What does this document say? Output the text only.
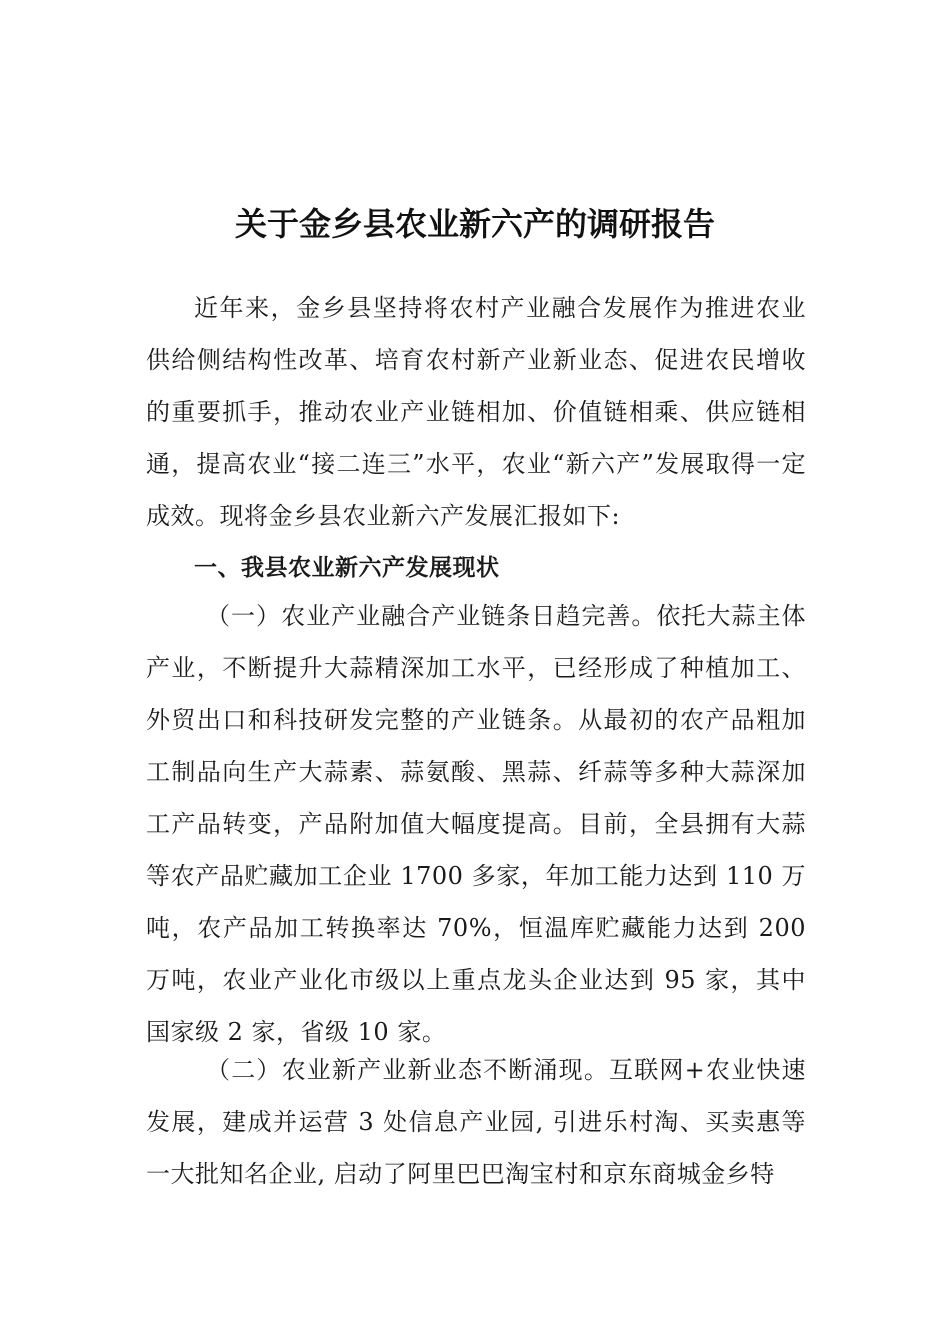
关于金乡县农业新六产的调研报告

近年来，金乡县坚持将农村产业融合发展作为推进农业供给侧结构性改革、培育农村新产业新业态、促进农民增收的重要抓手，推动农业产业链相加、价值链相乘、供应链相通，提高农业“接二连三”水平，农业“新六产”发展取得一定成效。现将金乡县农业新六产发展汇报如下:

一、我县农业新六产发展现状

（一）农业产业融合产业链条日趋完善。依托大蒜主体产业，不断提升大蒜精深加工水平，已经形成了种植加工、外贸出口和科技研发完整的产业链条。从最初的农产品粗加工制品向生产大蒜素、蒜氨酸、黑蒜、纤蒜等多种大蒜深加工产品转变，产品附加值大幅度提高。目前，全县拥有大蒜等农产品贮藏加工企业 1700 多家，年加工能力达到 110 万吨，农产品加工转换率达 70%，恒温库贮藏能力达到 200 万吨，农业产业化市级以上重点龙头企业达到 95 家，其中国家级 2 家，省级 10 家。

（二）农业新产业新业态不断涌现。互联网+农业快速发展，建成并运营 3 处信息产业园, 引进乐村淘、买卖惠等一大批知名企业, 启动了阿里巴巴淘宝村和京东商城金乡特
